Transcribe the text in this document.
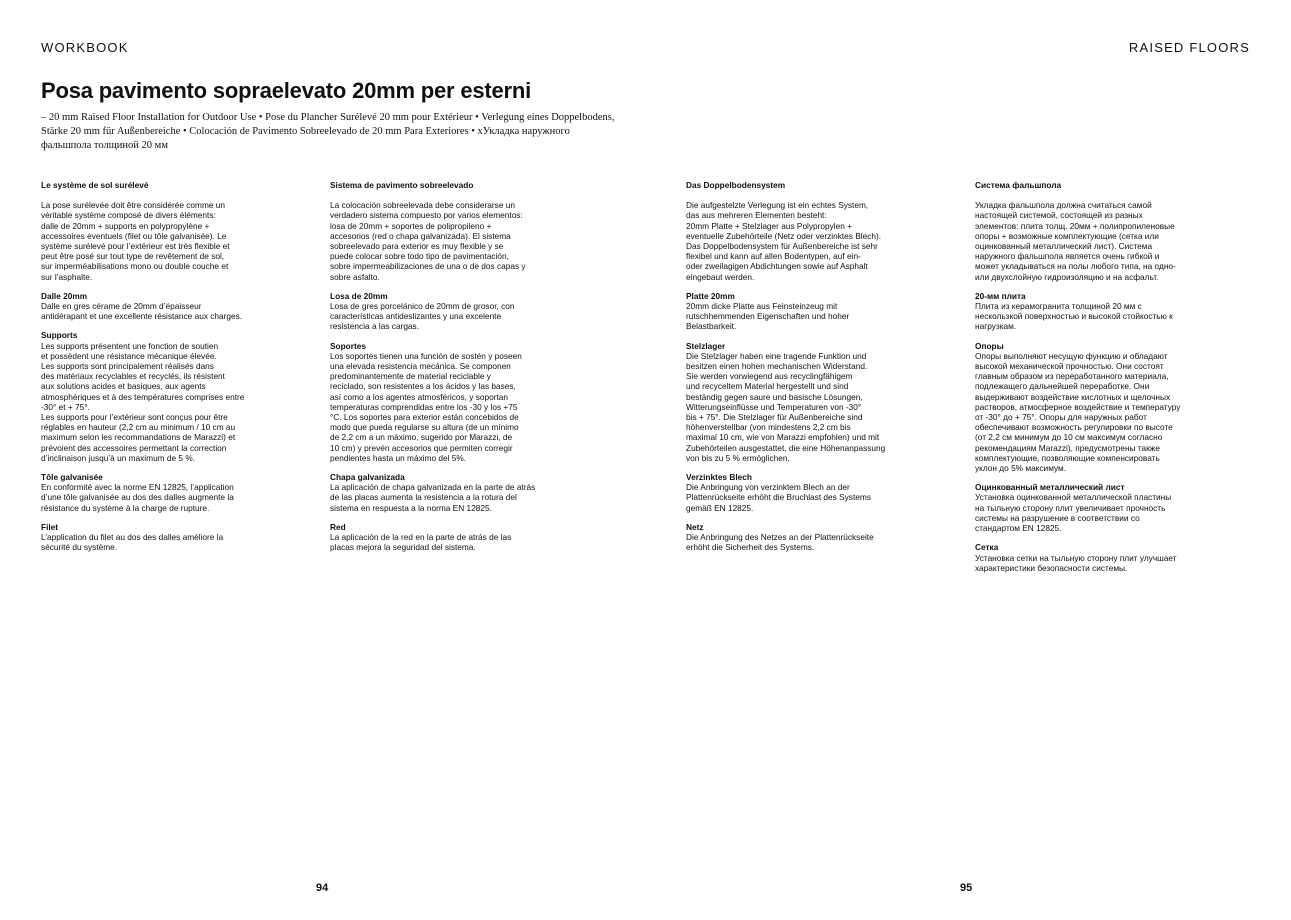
WORKBOOK	RAISED FLOORS
Posa pavimento sopraelevato 20mm per esterni

– 20 mm Raised Floor Installation for Outdoor Use • Pose du Plancher Surélevé 20 mm pour Extérieur • Verlegung eines Doppelbodens, Stärke 20 mm für Außenbereiche • Colocación de Pavimento Sobreelevado de 20 mm Para Exteriores • хУкладка наружного фальшпола толщиной 20 мм

Le système de sol surélevé

La pose surélevée doit être considérée comme un
véritable système composé de divers éléments:
dalle de 20mm + supports en polypropylène +
accessoires éventuels (filet ou tôle galvanisée). Le
système surélevé pour l’extérieur est très flexible et
peut être posé sur tout type de revêtement de sol,
sur imperméabilisations mono ou double couche et
sur l’asphalte.

Dalle 20mm
Dalle en gres cérame de 20mm d’épaisseur
antidérapant et une excellente résistance aux charges.
Supports
Les supports présentent une fonction de soutien
et possèdent une résistance mécanique élevée.
Les supports sont principalement réalisés dans
des matériaux recyclables et recyclés, ils résistent
aux solutions acides et basiques, aux agents
atmosphériques et à des températures comprises entre
-30° et + 75°.
Les supports pour l’extérieur sont conçus pour être
réglables en hauteur (2,2 cm au minimum / 10 cm au
maximum selon les recommandations de Marazzi) et
prévoient des accessoires permettant la correction
d’inclinaison jusqu’à un maximum de 5 %.
Tôle galvanisée
En conformité avec la norme EN 12825, l’application
d’une tôle galvanisée au dos des dalles augmente la
résistance du système à la charge de rupture.
Filet
L’application du filet au dos des dalles améliore la
sécurité du système.
Sistema de pavimento sobreelevado

La colocación sobreelevada debe considerarse un
verdadero sistema compuesto por varios elementos:
losa de 20mm + soportes de polipropileno +
accesorios (red o chapa galvanizada). El sistema
sobreelevado para exterior es muy flexible y se
puede colocar sobre todo tipo de pavimentación,
sobre impermeabilizaciones de una o de dos capas y
sobre asfalto.

Losa de 20mm
Losa de gres porcelánico de 20mm de grosor, con
características antideslizantes y una excelente
resistencia a las cargas.
Soportes
Los soportes tienen una función de sostén y poseen
una elevada resistencia mecánica. Se componen
predominantemente de material reciclable y
reciclado, son resistentes a los ácidos y las bases,
así como a los agentes atmosféricos, y soportan
temperaturas comprendidas entre los -30 y los +75
°C. Los soportes para exterior están concebidos de
modo que pueda regularse su altura (de un mínimo
de 2,2 cm a un máximo, sugerido por Marazzi, de
10 cm) y prevén accesorios que permiten corregir
pendientes hasta un máximo del 5%.
Chapa galvanizada
La aplicación de chapa galvanizada en la parte de atrás
de las placas aumenta la resistencia a la rotura del
sistema en respuesta a la norma EN 12825.
Red
La aplicación de la red en la parte de atrás de las
placas mejora la seguridad del sistema.
Das Doppelbodensystem

Die aufgestelzte Verlegung ist ein echtes System,
das aus mehreren Elementen besteht:
20mm Platte + Stelzlager aus Polypropylen +
eventuelle Zubehörteile (Netz oder verzinktes Blech).
Das Doppelbodensystem für Außenbereiche ist sehr
flexibel und kann auf allen Bodentypen, auf ein-
oder zweilagigen Abdichtungen sowie auf Asphalt
eingebaut werden.

Platte 20mm
20mm dicke Platte aus Feinsteinzeug mit
rutschhemmenden Eigenschaften und hoher
Belastbarkeit.
Stelzlager
Die Stelzlager haben eine tragende Funktion und
besitzen einen hohen mechanischen Widerstand.
Sie werden vorwiegend aus recyclingfähigem
und recyceltem Material hergestellt und sind
beständig gegen saure und basische Lösungen,
Witterungseinflüsse und Temperaturen von -30°
bis + 75°. Die Stelzlager für Außenbereiche sind
höhenverstellbar (von mindestens 2,2 cm bis
maximal 10 cm, wie von Marazzi empfohlen) und mit
Zubehörteilen ausgestattet, die eine Höhenanpassung
von bis zu 5 % ermöglichen.
Verzinktes Blech
Die Anbringung von verzinktem Blech an der
Plattenrückseite erhöht die Bruchlast des Systems
gemäß EN 12825.
Netz
Die Anbringung des Netzes an der Plattenrückseite
erhöht die Sicherheit des Systems.
Система фальшпола

Укладка фальшпола должна считаться самой
настоящей системой, состоящей из разных
элементов: плита толщ. 20мм + полипропиленовые
опоры + возможные комплектующие (сетка или
оцинкованный металлический лист). Система
наружного фальшпола является очень гибкой и
может укладываться на полы любого типа, на одно-
или двухслойную гидроизоляцию и на асфальт.

20-мм плита
Плита из керамогранита толщиной 20 мм с
нескользкой поверхностью и высокой стойкостью к
нагрузкам.
Опоры
Опоры выполняют несущую функцию и обладают
высокой механической прочностью. Они состоят
главным образом из переработанного материала,
подлежащего дальнейшей переработке. Они
выдерживают воздействие кислотных и щелочных
растворов, атмосферное воздействие и температуру
от -30° до + 75°. Опоры для наружных работ
обеспечивают возможность регулировки по высоте
(от 2,2 см минимум до 10 см максимум согласно
рекомендациям Marazzi), предусмотрены также
комплектующие, позволяющие компенсировать
уклон до 5% максимум.
Оцинкованный металлический лист
Установка оцинкованной металлической пластины
на тыльную сторону плит увеличивает прочность
системы на разрушение в соответствии со
стандартом EN 12825.
Сетка
Установка сетки на тыльную сторону плит улучшает
характеристики безопасности системы.
94	95
